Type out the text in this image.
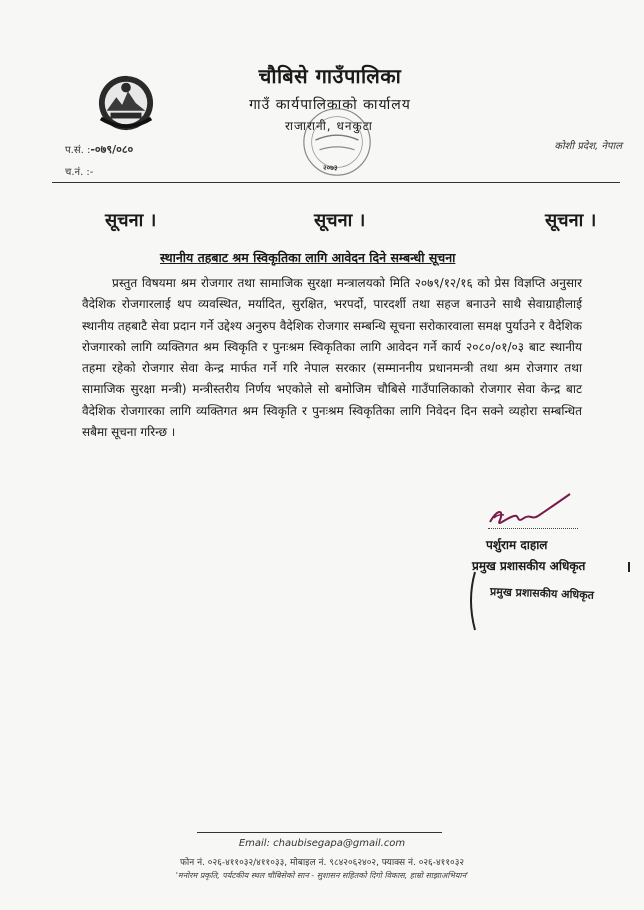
चौबिसे गाउँपालिका
गाउँ कार्यपालिकाको कार्यालय
राजारानी, धनकुटा
२०७३
प.सं. :-०७९/०८०
च.नं. :-
कोशी प्रदेश, नेपाल
सूचना ।	सूचना ।	सूचना ।
स्थानीय तहबाट श्रम स्विकृतिका लागि आवेदन दिने सम्बन्धी सूचना

प्रस्तुत विषयमा श्रम रोजगार तथा सामाजिक सुरक्षा मन्त्रालयको मिति २०७९/१२/१६ को प्रेस विज्ञप्ति अनुसार वैदेशिक रोजगारलाई थप व्यवस्थित, मर्यादित, सुरक्षित, भरपर्दो, पारदर्शी तथा सहज बनाउने साथै सेवाग्राहीलाई स्थानीय तहबाटै सेवा प्रदान गर्ने उद्देश्य अनुरुप वैदेशिक रोजगार सम्बन्धि सूचना सरोकारवाला समक्ष पुर्याउने र वैदेशिक रोजगारको लागि व्यक्तिगत श्रम स्विकृति र पुनःश्रम स्विकृतिका लागि आवेदन गर्ने कार्य २०८०/०१/०३ बाट स्थानीय तहमा रहेको रोजगार सेवा केन्द्र मार्फत गर्ने गरि नेपाल सरकार (सम्माननीय प्रधानमन्त्री तथा श्रम रोजगार तथा सामाजिक सुरक्षा मन्त्री) मन्त्रीस्तरीय निर्णय भएकोले सो बमोजिम चौबिसे गाउँपालिकाको रोजगार सेवा केन्द्र बाट वैदेशिक रोजगारका लागि व्यक्तिगत श्रम स्विकृति र पुनःश्रम स्विकृतिका लागि निवेदन दिन सक्ने व्यहोरा सम्बन्धित सबैमा सूचना गरिन्छ ।

पर्शुराम दाहाल
प्रमुख प्रशासकीय अधिकृत
प्रमुख प्रशासकीय अधिकृत
Email: chaubisegapa@gmail.com
फोन नं. ०२६-४११०३२/४११०३३, मोबाइल नं. ९८४२०६२४०२, फ्याक्स नं. ०२६-४११०३२
'मनोरम प्रकृति, पर्यटकीय स्थल चौबिसेको सान - सुशासन सहितको दिगो विकास, हाम्रो साझाअभियान'
